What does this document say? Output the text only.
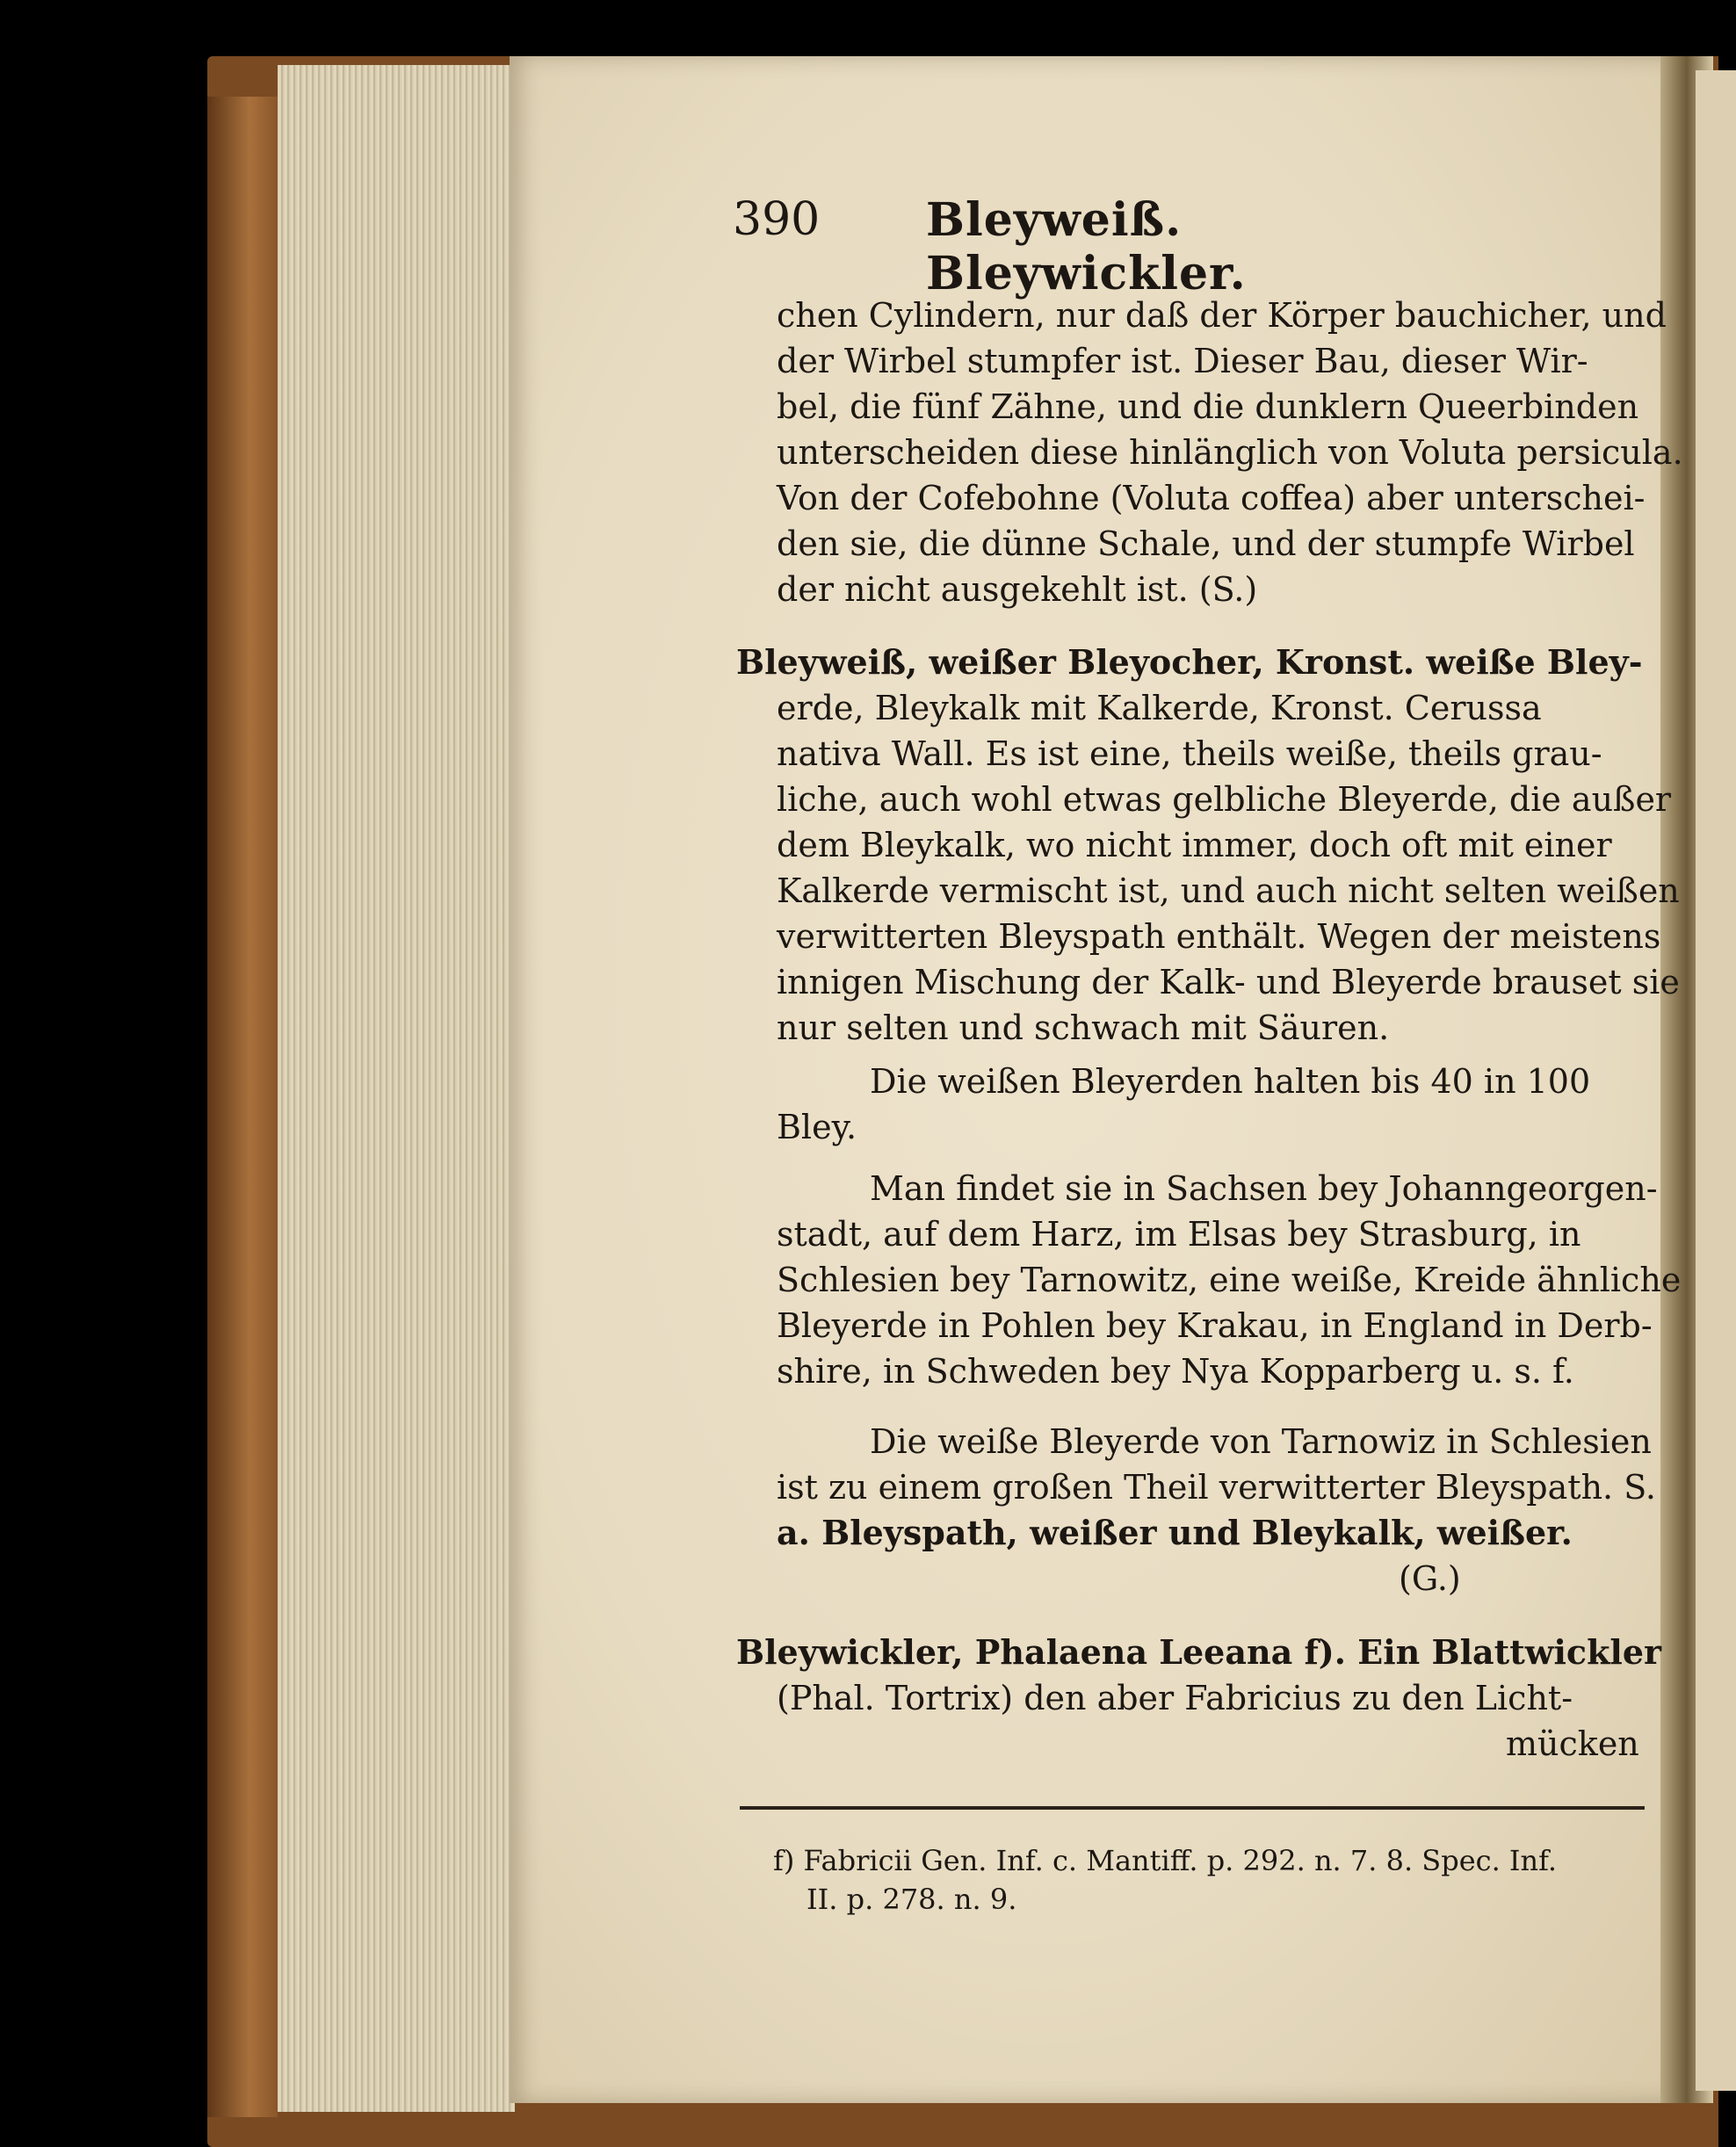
390 Bleyweiß. Bleywickler.
chen Cylindern, nur daß der Körper bauchicher, und
der Wirbel stumpfer ist. Dieser Bau, dieser Wir-
bel, die fünf Zähne, und die dunklern Queerbinden
unterscheiden diese hinlänglich von Voluta persicula.
Von der Cofebohne (Voluta coffea) aber unterschei-
den sie, die dünne Schale, und der stumpfe Wirbel
der nicht ausgekehlt ist. (S.)
Bleyweiß, weißer Bleyocher, Kronst. weiße Bley-
erde, Bleykalk mit Kalkerde, Kronst. Cerussa
nativa Wall. Es ist eine, theils weiße, theils grau-
liche, auch wohl etwas gelbliche Bleyerde, die außer
dem Bleykalk, wo nicht immer, doch oft mit einer
Kalkerde vermischt ist, und auch nicht selten weißen
verwitterten Bleyspath enthält. Wegen der meistens
innigen Mischung der Kalk- und Bleyerde brauset sie
nur selten und schwach mit Säuren.
Die weißen Bleyerden halten bis 40 in 100
Bley.
Man findet sie in Sachsen bey Johanngeorgen-
stadt, auf dem Harz, im Elsas bey Strasburg, in
Schlesien bey Tarnowitz, eine weiße, Kreide ähnliche
Bleyerde in Pohlen bey Krakau, in England in Derb-
shire, in Schweden bey Nya Kopparberg u. s. f.
Die weiße Bleyerde von Tarnowiz in Schlesien
ist zu einem großen Theil verwitterter Bleyspath. S.
a. Bleyspath, weißer und Bleykalk, weißer.
(G.)
Bleywickler, Phalaena Leeana f). Ein Blattwickler
(Phal. Tortrix) den aber Fabricius zu den Licht-
mücken
f) Fabricii Gen. Inf. c. Mantiff. p. 292. n. 7. 8. Spec. Inf.
II. p. 278. n. 9.
